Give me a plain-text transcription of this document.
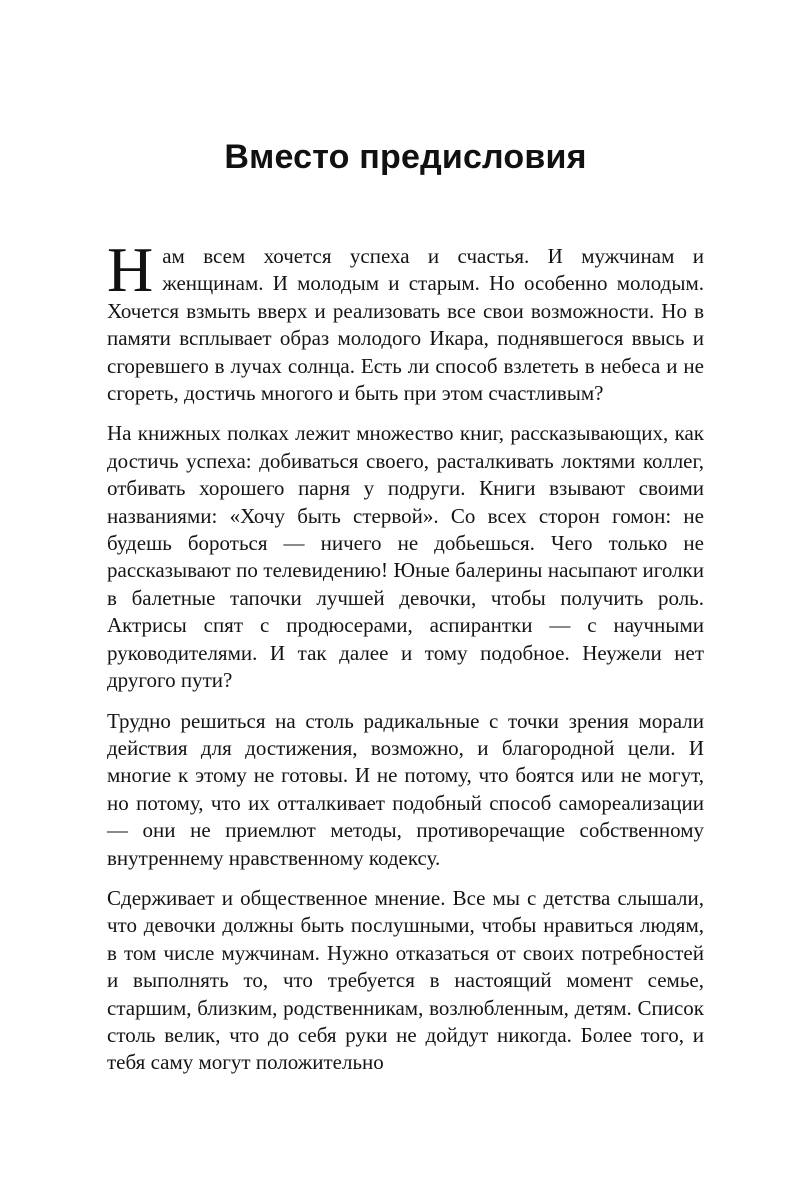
Вместо предисловия

Нам всем хочется успеха и счастья. И мужчинам и женщинам. И молодым и старым. Но особенно молодым. Хочется взмыть вверх и реализовать все свои возможности. Но в памяти всплывает образ молодого Икара, поднявшегося ввысь и сгоревшего в лучах солнца. Есть ли способ взлететь в небеса и не сгореть, достичь многого и быть при этом счастливым?

На книжных полках лежит множество книг, рассказывающих, как достичь успеха: добиваться своего, расталкивать локтями коллег, отбивать хорошего парня у подруги. Книги взывают своими названиями: «Хочу быть стервой». Со всех сторон гомон: не будешь бороться — ничего не добьешься. Чего только не рассказывают по телевидению! Юные балерины насыпают иголки в балетные тапочки лучшей девочки, чтобы получить роль. Актрисы спят с продюсерами, аспирантки — с научными руководителями. И так далее и тому подобное. Неужели нет другого пути?

Трудно решиться на столь радикальные с точки зрения морали действия для достижения, возможно, и благородной цели. И многие к этому не готовы. И не потому, что боятся или не могут, но потому, что их отталкивает подобный способ самореализации — они не приемлют методы, противоречащие собственному внутреннему нравственному кодексу.

Сдерживает и общественное мнение. Все мы с детства слышали, что девочки должны быть послушными, чтобы нравиться людям, в том числе мужчинам. Нужно отказаться от своих потребностей и выполнять то, что требуется в настоящий момент семье, старшим, близким, родственникам, возлюбленным, детям. Список столь велик, что до себя руки не дойдут никогда. Более того, и тебя саму могут положительно
